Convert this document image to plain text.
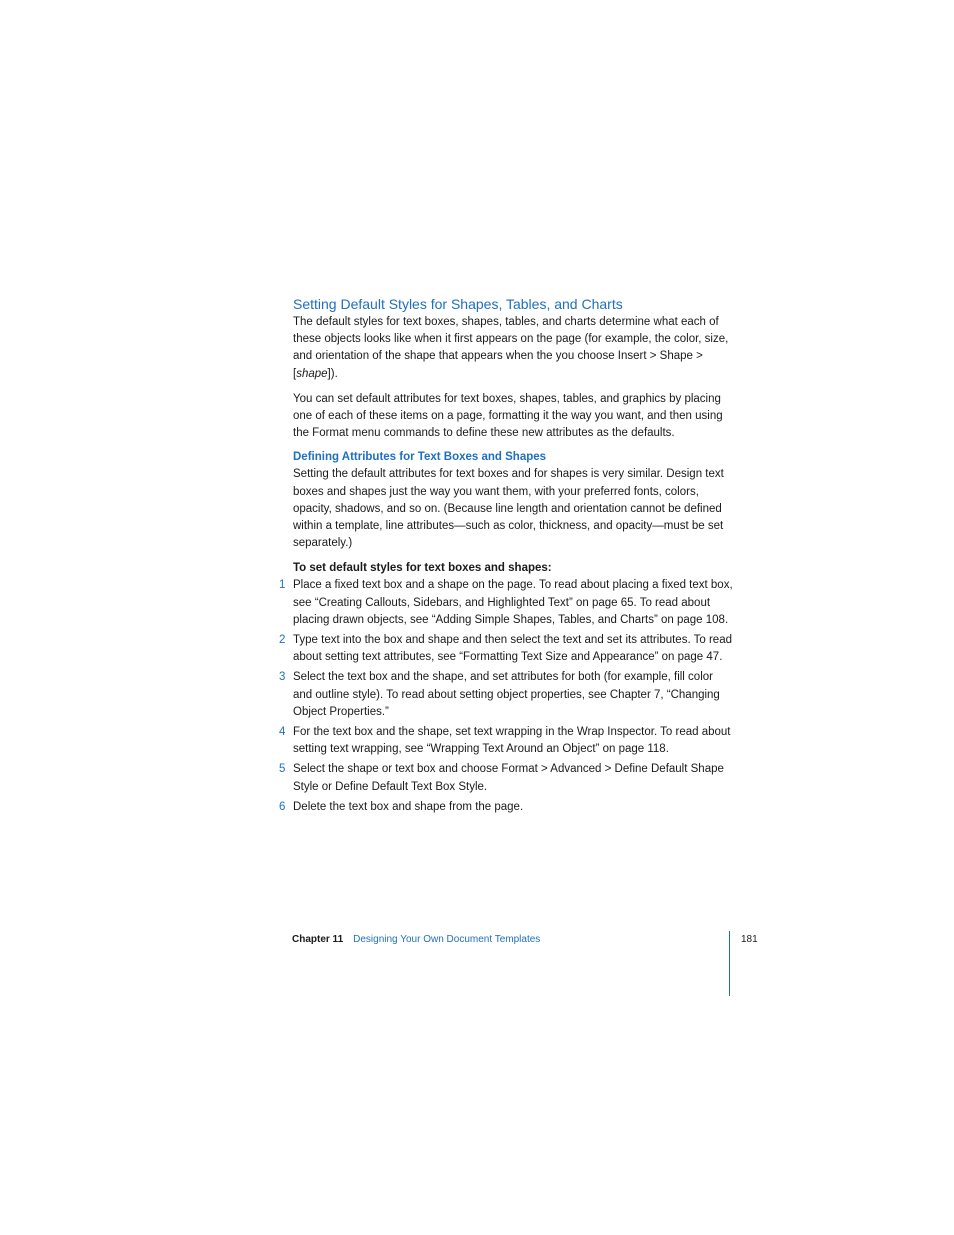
Setting Default Styles for Shapes, Tables, and Charts

The default styles for text boxes, shapes, tables, and charts determine what each of these objects looks like when it first appears on the page (for example, the color, size, and orientation of the shape that appears when the you choose Insert > Shape > [shape]).

You can set default attributes for text boxes, shapes, tables, and graphics by placing one of each of these items on a page, formatting it the way you want, and then using the Format menu commands to define these new attributes as the defaults.

Defining Attributes for Text Boxes and Shapes

Setting the default attributes for text boxes and for shapes is very similar. Design text boxes and shapes just the way you want them, with your preferred fonts, colors, opacity, shadows, and so on. (Because line length and orientation cannot be defined within a template, line attributes—such as color, thickness, and opacity—must be set separately.)

To set default styles for text boxes and shapes:

1 Place a fixed text box and a shape on the page. To read about placing a fixed text box, see “Creating Callouts, Sidebars, and Highlighted Text” on page 65. To read about placing drawn objects, see “Adding Simple Shapes, Tables, and Charts” on page 108.
2 Type text into the box and shape and then select the text and set its attributes. To read about setting text attributes, see “Formatting Text Size and Appearance” on page 47.
3 Select the text box and the shape, and set attributes for both (for example, fill color and outline style). To read about setting object properties, see Chapter 7, “Changing Object Properties.”
4 For the text box and the shape, set text wrapping in the Wrap Inspector. To read about setting text wrapping, see “Wrapping Text Around an Object” on page 118.
5 Select the shape or text box and choose Format > Advanced > Define Default Shape Style or Define Default Text Box Style.
6 Delete the text box and shape from the page.
Chapter 11 Designing Your Own Document Templates	181
